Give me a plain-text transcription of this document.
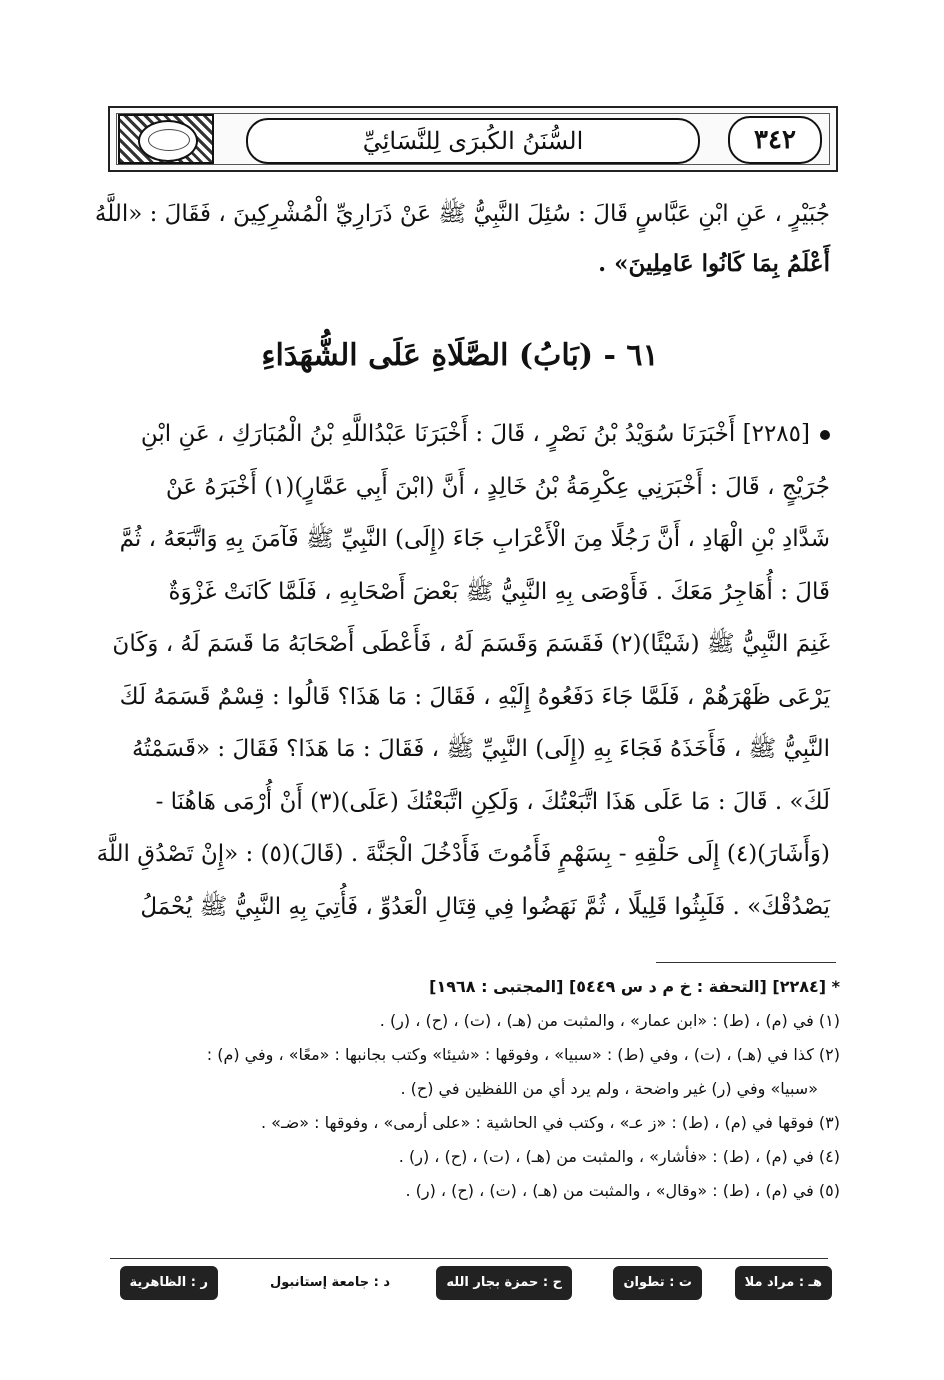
السُّنَنُ الكُبرَى لِلنَّسَائِيِّ	٣٤٢

جُبَيْرٍ ، عَنِ ابْنِ عَبَّاسٍ قَالَ : سُئِلَ النَّبِيُّ ﷺ عَنْ ذَرَارِيِّ الْمُشْرِكِينَ ، فَقَالَ : «اللَّهُ

أَعْلَمُ بِمَا كَانُوا عَامِلِينَ» .

٦١ - (بَابُ) الصَّلَاةِ عَلَى الشُّهَدَاءِ

[٢٢٨٥] أَخْبَرَنَا سُوَيْدُ بْنُ نَصْرٍ ، قَالَ : أَخْبَرَنَا عَبْدُاللَّهِ بْنُ الْمُبَارَكِ ، عَنِ ابْنِ

جُرَيْجٍ ، قَالَ : أَخْبَرَنِي عِكْرِمَةُ بْنُ خَالِدٍ ، أَنَّ (ابْنَ أَبِي عَمَّارٍ)(١) أَخْبَرَهُ عَنْ

شَدَّادِ بْنِ الْهَادِ ، أَنَّ رَجُلًا مِنَ الْأَعْرَابِ جَاءَ (إِلَى) النَّبِيِّ ﷺ فَآمَنَ بِهِ وَاتَّبَعَهُ ، ثُمَّ

قَالَ : أُهَاجِرُ مَعَكَ . فَأَوْصَى بِهِ النَّبِيُّ ﷺ بَعْضَ أَصْحَابِهِ ، فَلَمَّا كَانَتْ غَزْوَةٌ

غَنِمَ النَّبِيُّ ﷺ (شَيْئًا)(٢) فَقَسَمَ وَقَسَمَ لَهُ ، فَأَعْطَى أَصْحَابَهُ مَا قَسَمَ لَهُ ، وَكَانَ

يَرْعَى ظَهْرَهُمْ ، فَلَمَّا جَاءَ دَفَعُوهُ إِلَيْهِ ، فَقَالَ : مَا هَذَا؟ قَالُوا : قِسْمٌ قَسَمَهُ لَكَ

النَّبِيُّ ﷺ ، فَأَخَذَهُ فَجَاءَ بِهِ (إِلَى) النَّبِيِّ ﷺ ، فَقَالَ : مَا هَذَا؟ فَقَالَ : «قَسَمْتُهُ

لَكَ» . قَالَ : مَا عَلَى هَذَا اتَّبَعْتُكَ ، وَلَكِنِ اتَّبَعْتُكَ (عَلَى)(٣) أَنْ أُرْمَى هَاهُنَا -

(وَأَشَارَ)(٤) إِلَى حَلْقِهِ - بِسَهْمٍ فَأَمُوتَ فَأَدْخُلَ الْجَنَّةَ . (قَالَ)(٥) : «إِنْ تَصْدُقِ اللَّهَ

يَصْدُقْكَ» . فَلَبِثُوا قَلِيلًا ، ثُمَّ نَهَضُوا فِي قِتَالِ الْعَدُوِّ ، فَأُتِيَ بِهِ النَّبِيُّ ﷺ يُحْمَلُ

* [٢٢٨٤] [التحفة : خ م د س ٥٤٤٩] [المجتبى : ١٩٦٨]
(١) في (م) ، (ط) : «ابن عمار» ، والمثبت من (هـ) ، (ت) ، (ح) ، (ر) .
(٢) كذا في (هـ) ، (ت) ، وفي (ط) : «سبيا» ، وفوقها : «شيئا» وكتب بجانبها : «معًا» ، وفي (م) :
«سبيا» وفي (ر) غير واضحة ، ولم يرد أي من اللفظين في (ح) .
(٣) فوقها في (م) ، (ط) : «ز عـ» ، وكتب في الحاشية : «على أرمى» ، وفوقها : «ضـ» .
(٤) في (م) ، (ط) : «فأشار» ، والمثبت من (هـ) ، (ت) ، (ح) ، (ر) .
(٥) في (م) ، (ط) : «وقال» ، والمثبت من (هـ) ، (ت) ، (ح) ، (ر) .
هـ : مراد ملا
ت : تطوان
ح : حمزة بجار الله
د : جامعة إستانبول
ر : الظاهرية
